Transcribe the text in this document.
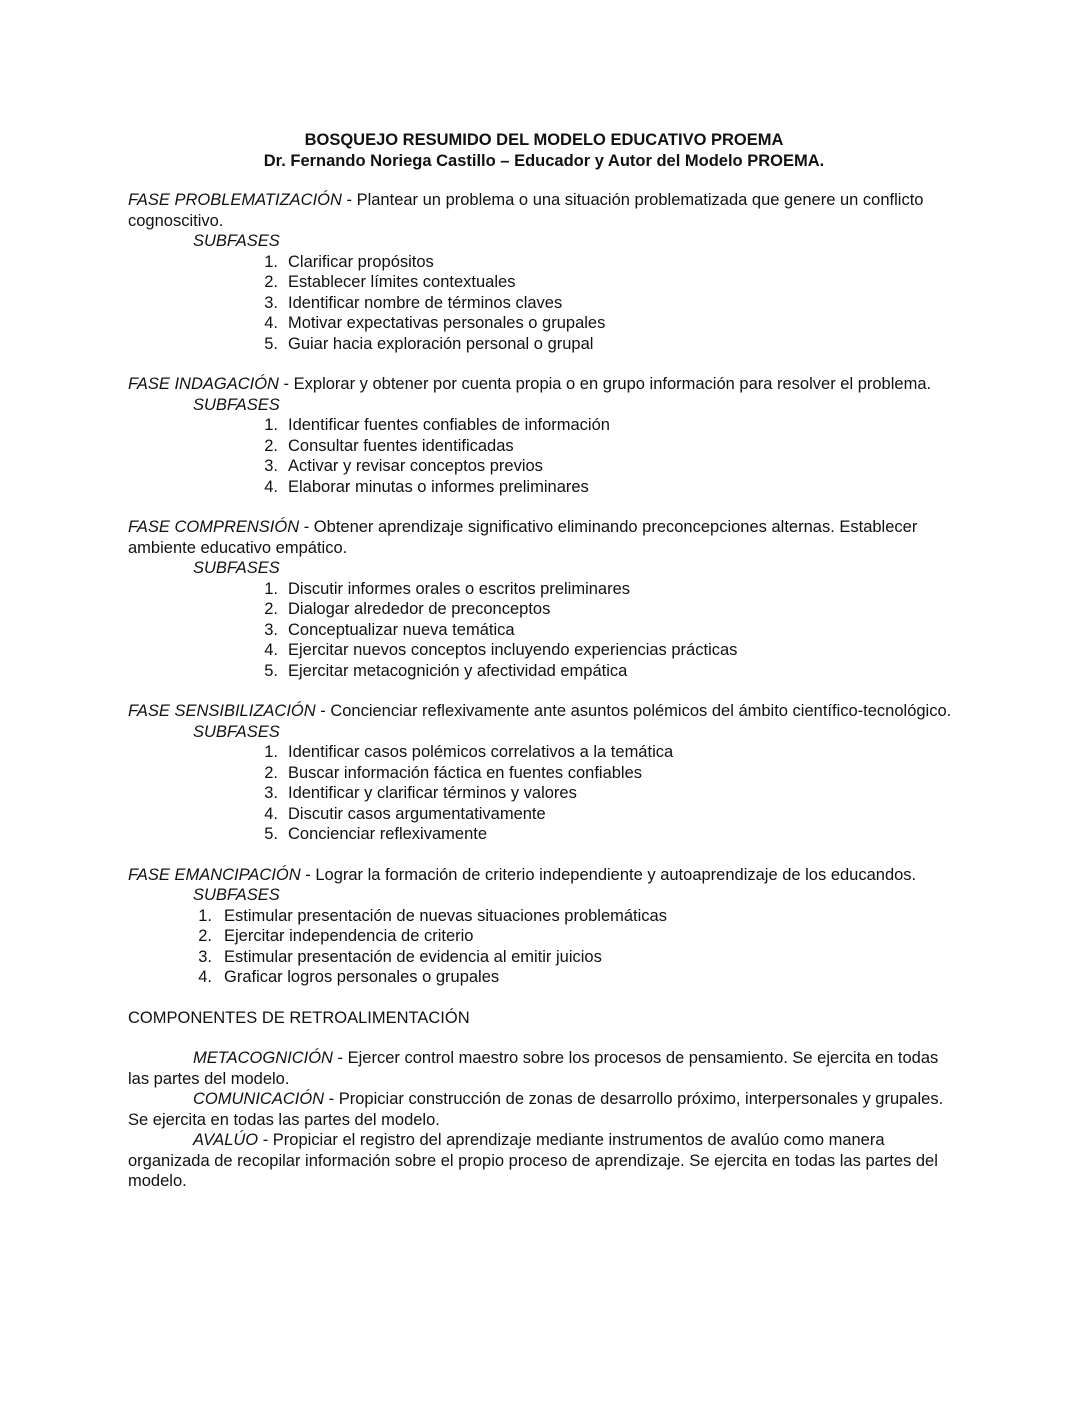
BOSQUEJO RESUMIDO DEL MODELO EDUCATIVO PROEMA
Dr. Fernando Noriega Castillo – Educador y Autor del Modelo PROEMA.
FASE PROBLEMATIZACIÓN - Plantear un problema o una situación problematizada que genere un conflicto cognoscitivo.
SUBFASES
1. Clarificar propósitos
2. Establecer límites contextuales
3. Identificar nombre de términos claves
4. Motivar expectativas personales o grupales
5. Guiar hacia exploración personal o grupal
FASE INDAGACIÓN - Explorar y obtener por cuenta propia o en grupo información para resolver el problema.
SUBFASES
1. Identificar fuentes confiables de información
2. Consultar fuentes identificadas
3. Activar y revisar conceptos previos
4. Elaborar minutas o informes preliminares
FASE COMPRENSIÓN - Obtener aprendizaje significativo eliminando preconcepciones alternas. Establecer ambiente educativo empático.
SUBFASES
1. Discutir informes orales o escritos preliminares
2. Dialogar alrededor de preconceptos
3. Conceptualizar nueva temática
4. Ejercitar nuevos conceptos incluyendo experiencias prácticas
5. Ejercitar metacognición y afectividad empática
FASE SENSIBILIZACIÓN - Concienciar reflexivamente ante asuntos polémicos del ámbito científico-tecnológico.
SUBFASES
1. Identificar casos polémicos correlativos a la temática
2. Buscar información fáctica en fuentes confiables
3. Identificar y clarificar términos y valores
4. Discutir casos argumentativamente
5. Concienciar reflexivamente
FASE EMANCIPACIÓN - Lograr la formación de criterio independiente y autoaprendizaje de los educandos.
SUBFASES
1. Estimular presentación de nuevas situaciones problemáticas
2. Ejercitar independencia de criterio
3. Estimular presentación de evidencia al emitir juicios
4. Graficar logros personales o grupales
COMPONENTES DE RETROALIMENTACIÓN

METACOGNICIÓN - Ejercer control maestro sobre los procesos de pensamiento. Se ejercita en todas las partes del modelo.

COMUNICACIÓN - Propiciar construcción de zonas de desarrollo próximo, interpersonales y grupales. Se ejercita en todas las partes del modelo.

AVALÚO - Propiciar el registro del aprendizaje mediante instrumentos de avalúo como manera organizada de recopilar información sobre el propio proceso de aprendizaje. Se ejercita en todas las partes del modelo.
